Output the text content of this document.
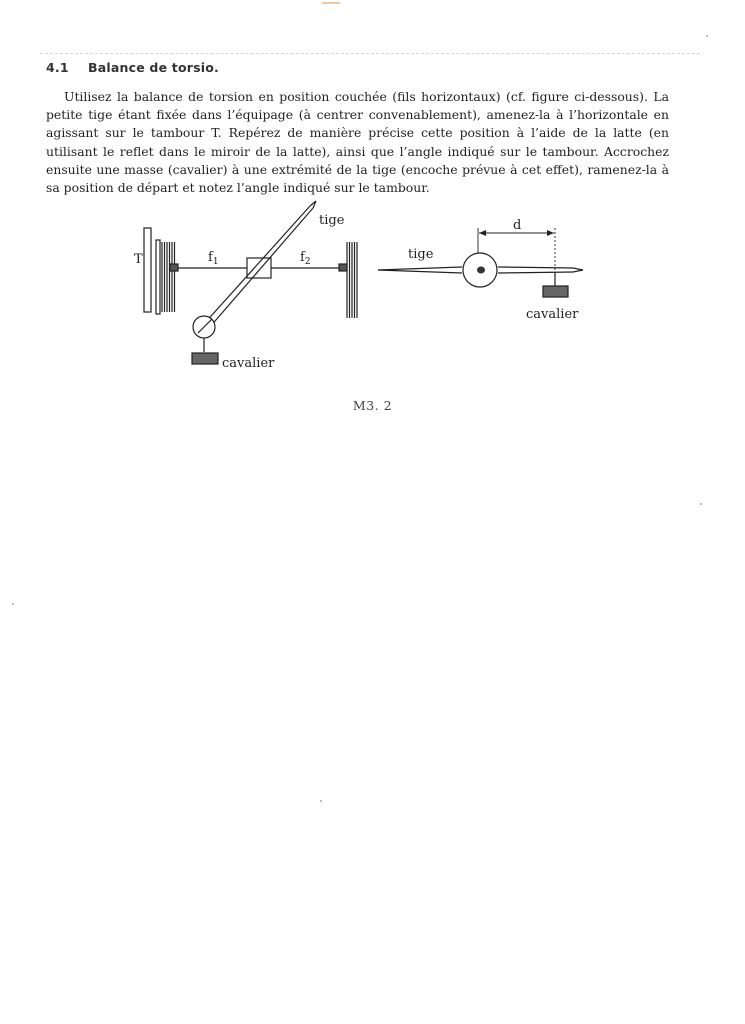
4.1 Balance de torsio.

Utilisez la balance de torsion en position couchée (fils horizontaux) (cf. figure ci-dessous). La petite tige étant fixée dans l’équipage (à centrer convenablement), amenez-la à l’horizontale en agissant sur le tambour T. Repérez de manière précise cette position à l’aide de la latte (en utilisant le reflet dans le miroir de la latte), ainsi que l’angle indiqué sur le tambour. Accrochez ensuite une masse (cavalier) à une extrémité de la tige (encoche prévue à cet effet), ramenez-la à sa position de départ et notez l’angle indiqué sur le tambour.

T	$f_1$	$f_2$
tige
cavalier
tige
d
cavalier
M3. 2
